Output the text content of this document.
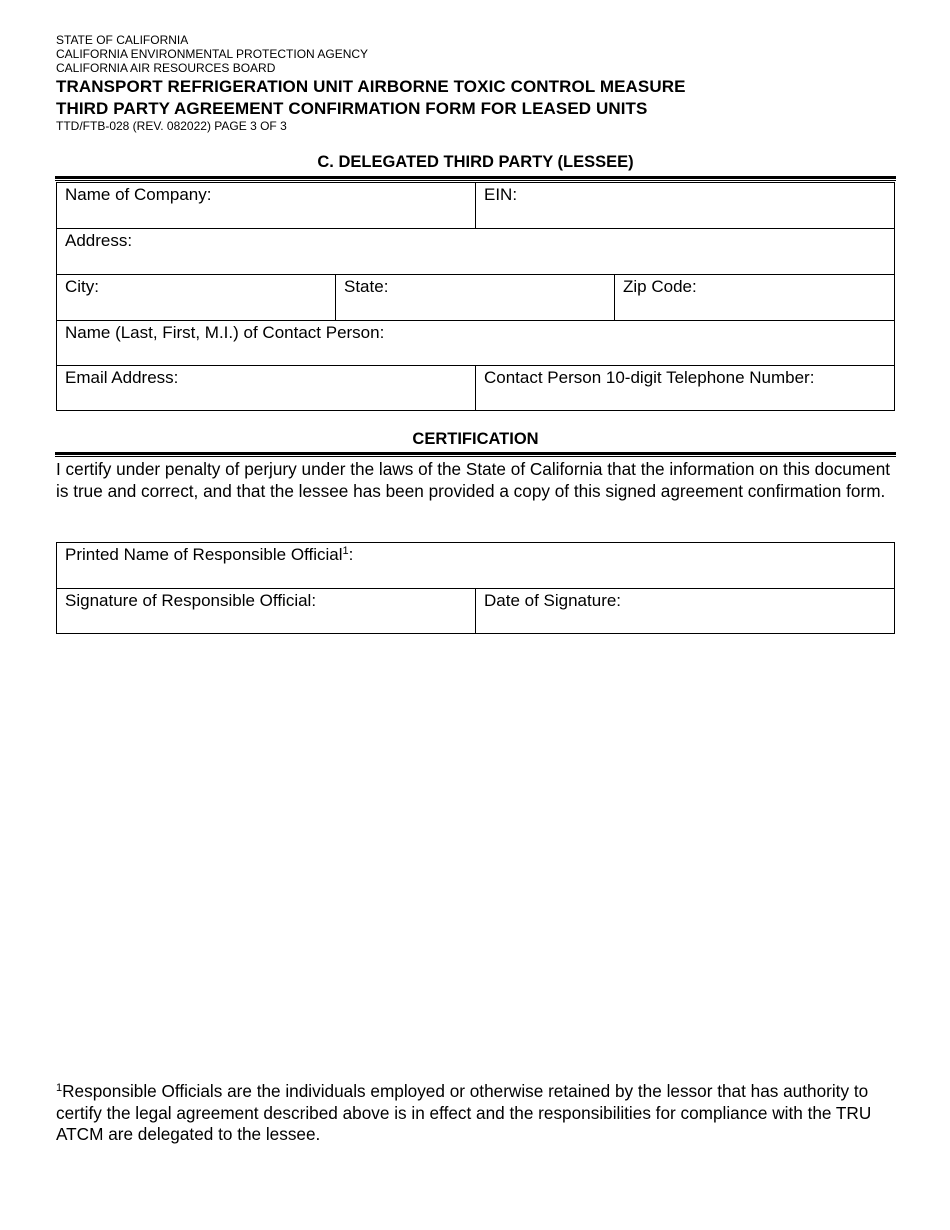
STATE OF CALIFORNIA
CALIFORNIA ENVIRONMENTAL PROTECTION AGENCY
CALIFORNIA AIR RESOURCES BOARD
TRANSPORT REFRIGERATION UNIT AIRBORNE TOXIC CONTROL MEASURE
THIRD PARTY AGREEMENT CONFIRMATION FORM FOR LEASED UNITS
TTD/FTB-028 (REV. 082022) PAGE 3 OF 3
C. DELEGATED THIRD PARTY (LESSEE)
Name of Company:	EIN:
Address:
City:	State:	Zip Code:
Name (Last, First, M.I.) of Contact Person:
Email Address:	Contact Person 10-digit Telephone Number:
CERTIFICATION
I certify under penalty of perjury under the laws of the State of California that the information on this document is true and correct, and that the lessee has been provided a copy of this signed agreement confirmation form.
Printed Name of Responsible Official$^1$:
Signature of Responsible Official:	Date of Signature:
$^1$Responsible Officials are the individuals employed or otherwise retained by the lessor that has authority to certify the legal agreement described above is in effect and the responsibilities for compliance with the TRU ATCM are delegated to the lessee.
